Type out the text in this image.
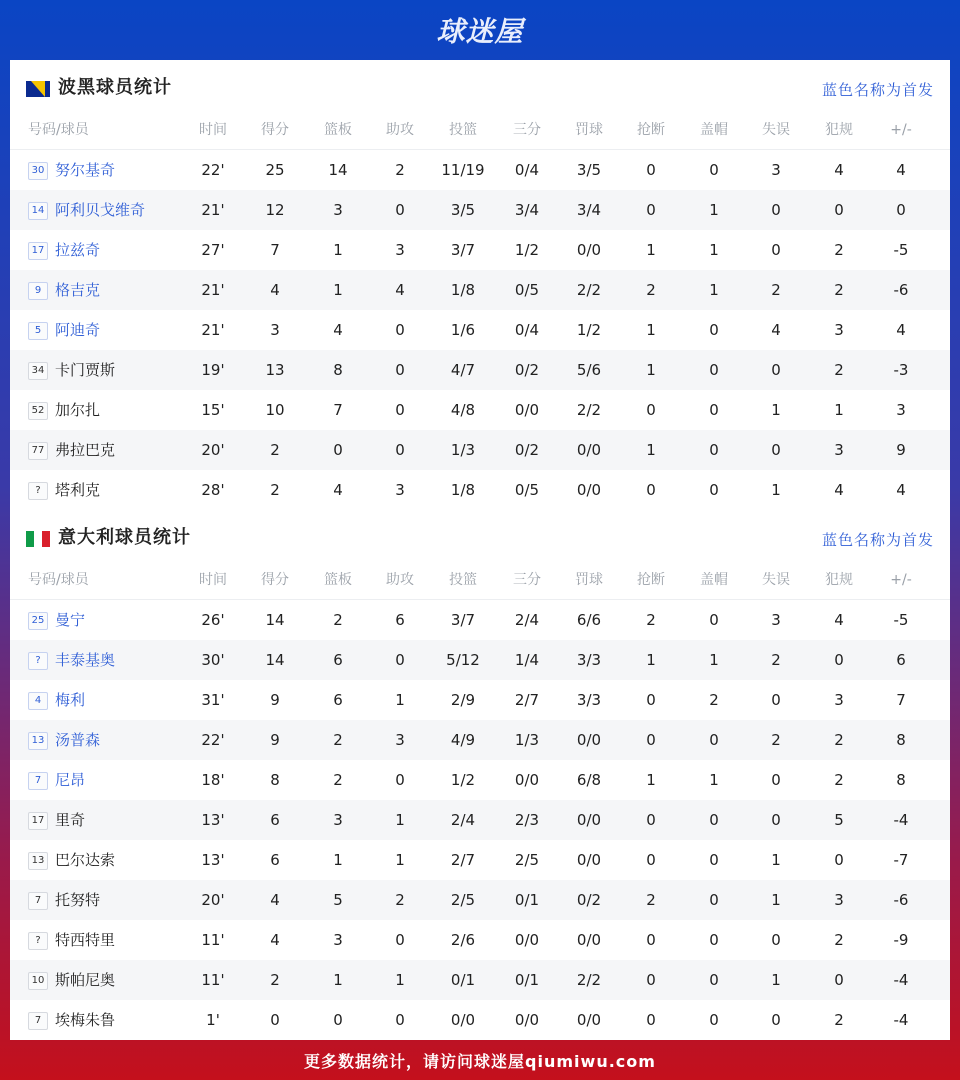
球迷屋
波黑球员统计	蓝色名称为首发
号码/球员	时间	得分	篮板	助攻	投篮	三分	罚球	抢断	盖帽	失误	犯规	+/-
30 努尔基奇	22'	25	14	2	11/19	0/4	3/5	0	0	3	4	4
14 阿利贝戈维奇	21'	12	3	0	3/5	3/4	3/4	0	1	0	0	0
17 拉兹奇	27'	7	1	3	3/7	1/2	0/0	1	1	0	2	-5
9 格吉克	21'	4	1	4	1/8	0/5	2/2	2	1	2	2	-6
5 阿迪奇	21'	3	4	0	1/6	0/4	1/2	1	0	4	3	4
34 卡门贾斯	19'	13	8	0	4/7	0/2	5/6	1	0	0	2	-3
52 加尔扎	15'	10	7	0	4/8	0/0	2/2	0	0	1	1	3
77 弗拉巴克	20'	2	0	0	1/3	0/2	0/0	1	0	0	3	9
? 塔利克	28'	2	4	3	1/8	0/5	0/0	0	0	1	4	4
意大利球员统计	蓝色名称为首发
号码/球员	时间	得分	篮板	助攻	投篮	三分	罚球	抢断	盖帽	失误	犯规	+/-
25 曼宁	26'	14	2	6	3/7	2/4	6/6	2	0	3	4	-5
? 丰泰基奥	30'	14	6	0	5/12	1/4	3/3	1	1	2	0	6
4 梅利	31'	9	6	1	2/9	2/7	3/3	0	2	0	3	7
13 汤普森	22'	9	2	3	4/9	1/3	0/0	0	0	2	2	8
7 尼昂	18'	8	2	0	1/2	0/0	6/8	1	1	0	2	8
17 里奇	13'	6	3	1	2/4	2/3	0/0	0	0	0	5	-4
13 巴尔达索	13'	6	1	1	2/7	2/5	0/0	0	0	1	0	-7
7 托努特	20'	4	5	2	2/5	0/1	0/2	2	0	1	3	-6
? 特西特里	11'	4	3	0	2/6	0/0	0/0	0	0	0	2	-9
10 斯帕尼奥	11'	2	1	1	0/1	0/1	2/2	0	0	1	0	-4
7 埃梅朱鲁	1'	0	0	0	0/0	0/0	0/0	0	0	0	2	-4
更多数据统计，请访问球迷屋qiumiwu.com
